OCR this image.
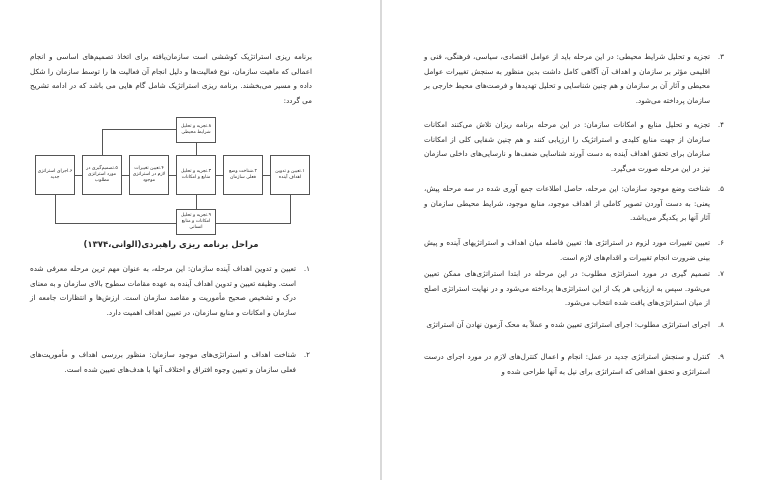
برنامه ریزی استراتژیک کوششی است سازمان‌یافته برای اتخاذ تصمیم‌های اساسی و انجام اعمالی که ماهیت سازمان، نوع فعالیت‌ها و دلیل انجام آن فعالیت ها را توسط سازمان را شکل داده و مسیر می‌بخشند. برنامه ریزی استراتژیک شامل گام هایی می باشد که در ادامه تشریح می‌ گردد:
۸.تجزیه و تحلیل شرایط محیطی
۹.تجزیه و تحلیل امکانات و منابع انسانی
۱.تعیین و تدوین اهداف آینده
۲.شناخت وضع فعلی سازمان
۳.تجزیه و تحلیل منابع و امکانات
۴.تعیین تغییرات لازم در استراتژی موجود
۵.تصمیم‌گیری در مورد استراتژی مطلوب
۶.اجرای استراتژی جدید
مراحل برنامه ریزی راهبردی(الوانی،۱۳۷۴)
۱.
تعیین و تدوین اهداف آینده سازمان: این مرحله، به عنوان مهم ترین مرحله معرفی شده است. وظیفه تعیین و تدوین اهداف آینده به عهده مقامات سطوح بالای سازمان و به معنای درک و تشخیص صحیح مأموریت و مقاصد سازمان است. ارزش‌ها و انتظارات جامعه از سازمان و امکانات و منابع سازمان، در تعیین اهداف اهمیت دارد.
۲.
شناخت اهداف و استراتژی‌های موجود سازمان: منظور بررسی اهداف و مأموریت‌های فعلی سازمان و تعیین وجوه افتراق و اختلاف آنها با هدف‌های تعیین شده است.
۳.
تجزیه و تحلیل شرایط محیطی: در این مرحله باید از عوامل اقتصادی، سیاسی، فرهنگی، فنی و اقلیمی مؤثر بر سازمان و اهداف آن آگاهی کامل داشت بدین منظور به سنجش تغییرات عوامل محیطی و آثار آن بر سازمان و هم چنین شناسایی و تحلیل تهدیدها و فرصت‌های محیط خارجی بر سازمان پرداخته می‌شود.
۴.
تجزیه و تحلیل منابع و امکانات سازمان: در این مرحله برنامه ریزان تلاش می‌کنند امکانات سازمان از جهت منابع کلیدی و استراتژیک را ارزیابی کنند و هم چنین شفایی کلی از امکانات سازمان برای تحقق اهداف آینده به دست آورند شناسایی ضعف‌ها و نارسایی‌های داخلی سازمان نیز در این مرحله صورت می‌گیرد.
۵.
شناخت وضع موجود سازمان: این مرحله، حاصل اطلاعات جمع آوری شده در سه مرحله پیش، یعنی: به دست آوردن تصویر کاملی از اهداف موجود، منابع موجود، شرایط محیطی سازمان و آثار آنها بر یکدیگر می‌باشد.
۶.
تعیین تغییرات مورد لزوم در استراتژی ها: تعیین فاصله میان اهداف و استراتژیهای آینده و پیش بینی ضرورت انجام تغییرات و اقدام‌های لازم است.
۷.
تصمیم گیری در مورد استراتژی مطلوب: در این مرحله در ابتدا استراتژی‌های ممکن تعیین می‌شود. سپس به ارزیابی هر یک از این استراتژی‌ها پرداخته می‌شود و در نهایت استراتژی اصلح از میان استراتژی‌های یافت شده انتخاب می‌شود.
۸.
اجرای استراتژی مطلوب: اجرای استراتژی تعیین شده و عملاً به محک آزمون نهادن آن استراتژی
۹.
کنترل و سنجش استراتژی جدید در عمل: انجام و اعمال کنترل‌های لازم در مورد اجرای درست استراتژی و تحقق اهدافی که استراتژی برای نیل به آنها طراحی شده و
